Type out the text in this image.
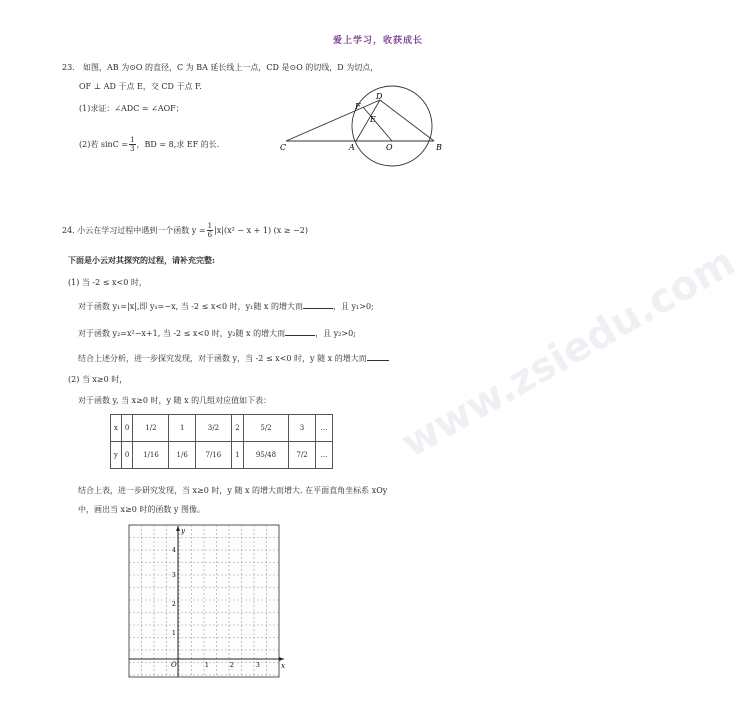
www.zsiedu.com
爱上学习，收获成长
23. 如图，AB 为⊙O 的直径，C 为 BA 延长线上一点，CD 是⊙O 的切线，D 为切点，
OF ⊥ AD 于点 E，交 CD 于点 F.
(1)求证：∠ADC = ∠AOF；
(2)若 $\sin C = \frac{1}{3}$ ，BD = 8,求 EF 的长.	C	A	O	B
D
F
E
24. 小云在学习过程中遇到一个函数 $y = \frac{1}{6} |x|(x^2 - x + 1) (x \ge -2)$
下面是小云对其探究的过程，请补充完整:
(1) 当 -2 ≤ x<0 时，
对于函数 y₁=|x|,即 y₁=−x, 当 -2 ≤ x<0 时，y₁随 x 的增大而	，且 y₁>0;
对于函数 y₂=x²−x+1, 当 -2 ≤ x<0 时，y₂随 x 的增大而	，且 y₂>0;
结合上述分析，进一步探究发现，对于函数 y，当 -2 ≤ x<0 时，y 随 x 的增大而
(2) 当 x≥0 时，
对于函数 y, 当 x≥0 时，y 随 x 的几组对应值如下表：
x	0	1/2	1	3/2	2	5/2	3	…
y	0	1/16	1/6	7/16	1	95/48	7/2	…
结合上表，进一步研究发现，当 x≥0 时，y 随 x 的增大而增大. 在平面直角坐标系 xOy
中，画出当 x≥0 时的函数 y 图像。
y
x
O	1	2	3
1
2
3
4
